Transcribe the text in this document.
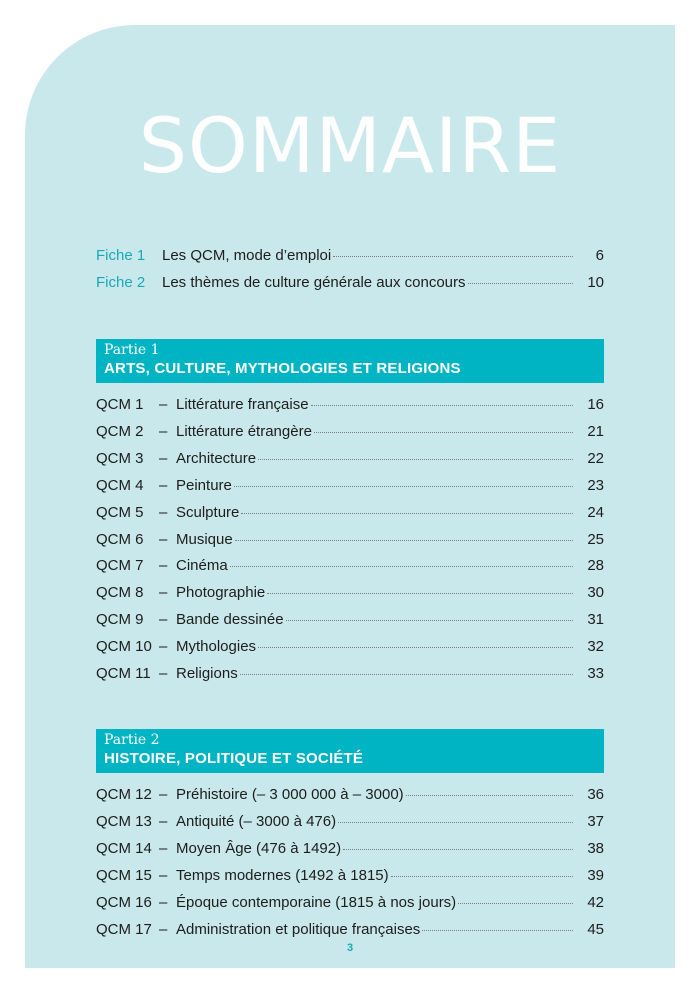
SOMMAIRE
Fiche 1	Les QCM, mode d’emploi	6
Fiche 2	Les thèmes de culture générale aux concours	10
Partie 1
ARTS, CULTURE, MYTHOLOGIES ET RELIGIONS
QCM 1	– Littérature française	16
QCM 2	– Littérature étrangère	21
QCM 3	– Architecture	22
QCM 4	– Peinture	23
QCM 5	– Sculpture	24
QCM 6	– Musique	25
QCM 7	– Cinéma	28
QCM 8	– Photographie	30
QCM 9	– Bande dessinée	31
QCM 10 – Mythologies	32
QCM 11 – Religions	33
Partie 2
HISTOIRE, POLITIQUE ET SOCIÉTÉ
QCM 12 – Préhistoire (– 3 000 000 à – 3000)	36
QCM 13 – Antiquité (– 3000 à 476)	37
QCM 14 – Moyen Âge (476 à 1492)	38
QCM 15 – Temps modernes (1492 à 1815)	39
QCM 16 – Époque contemporaine (1815 à nos jours)	42
QCM 17 – Administration et politique françaises	45
3
